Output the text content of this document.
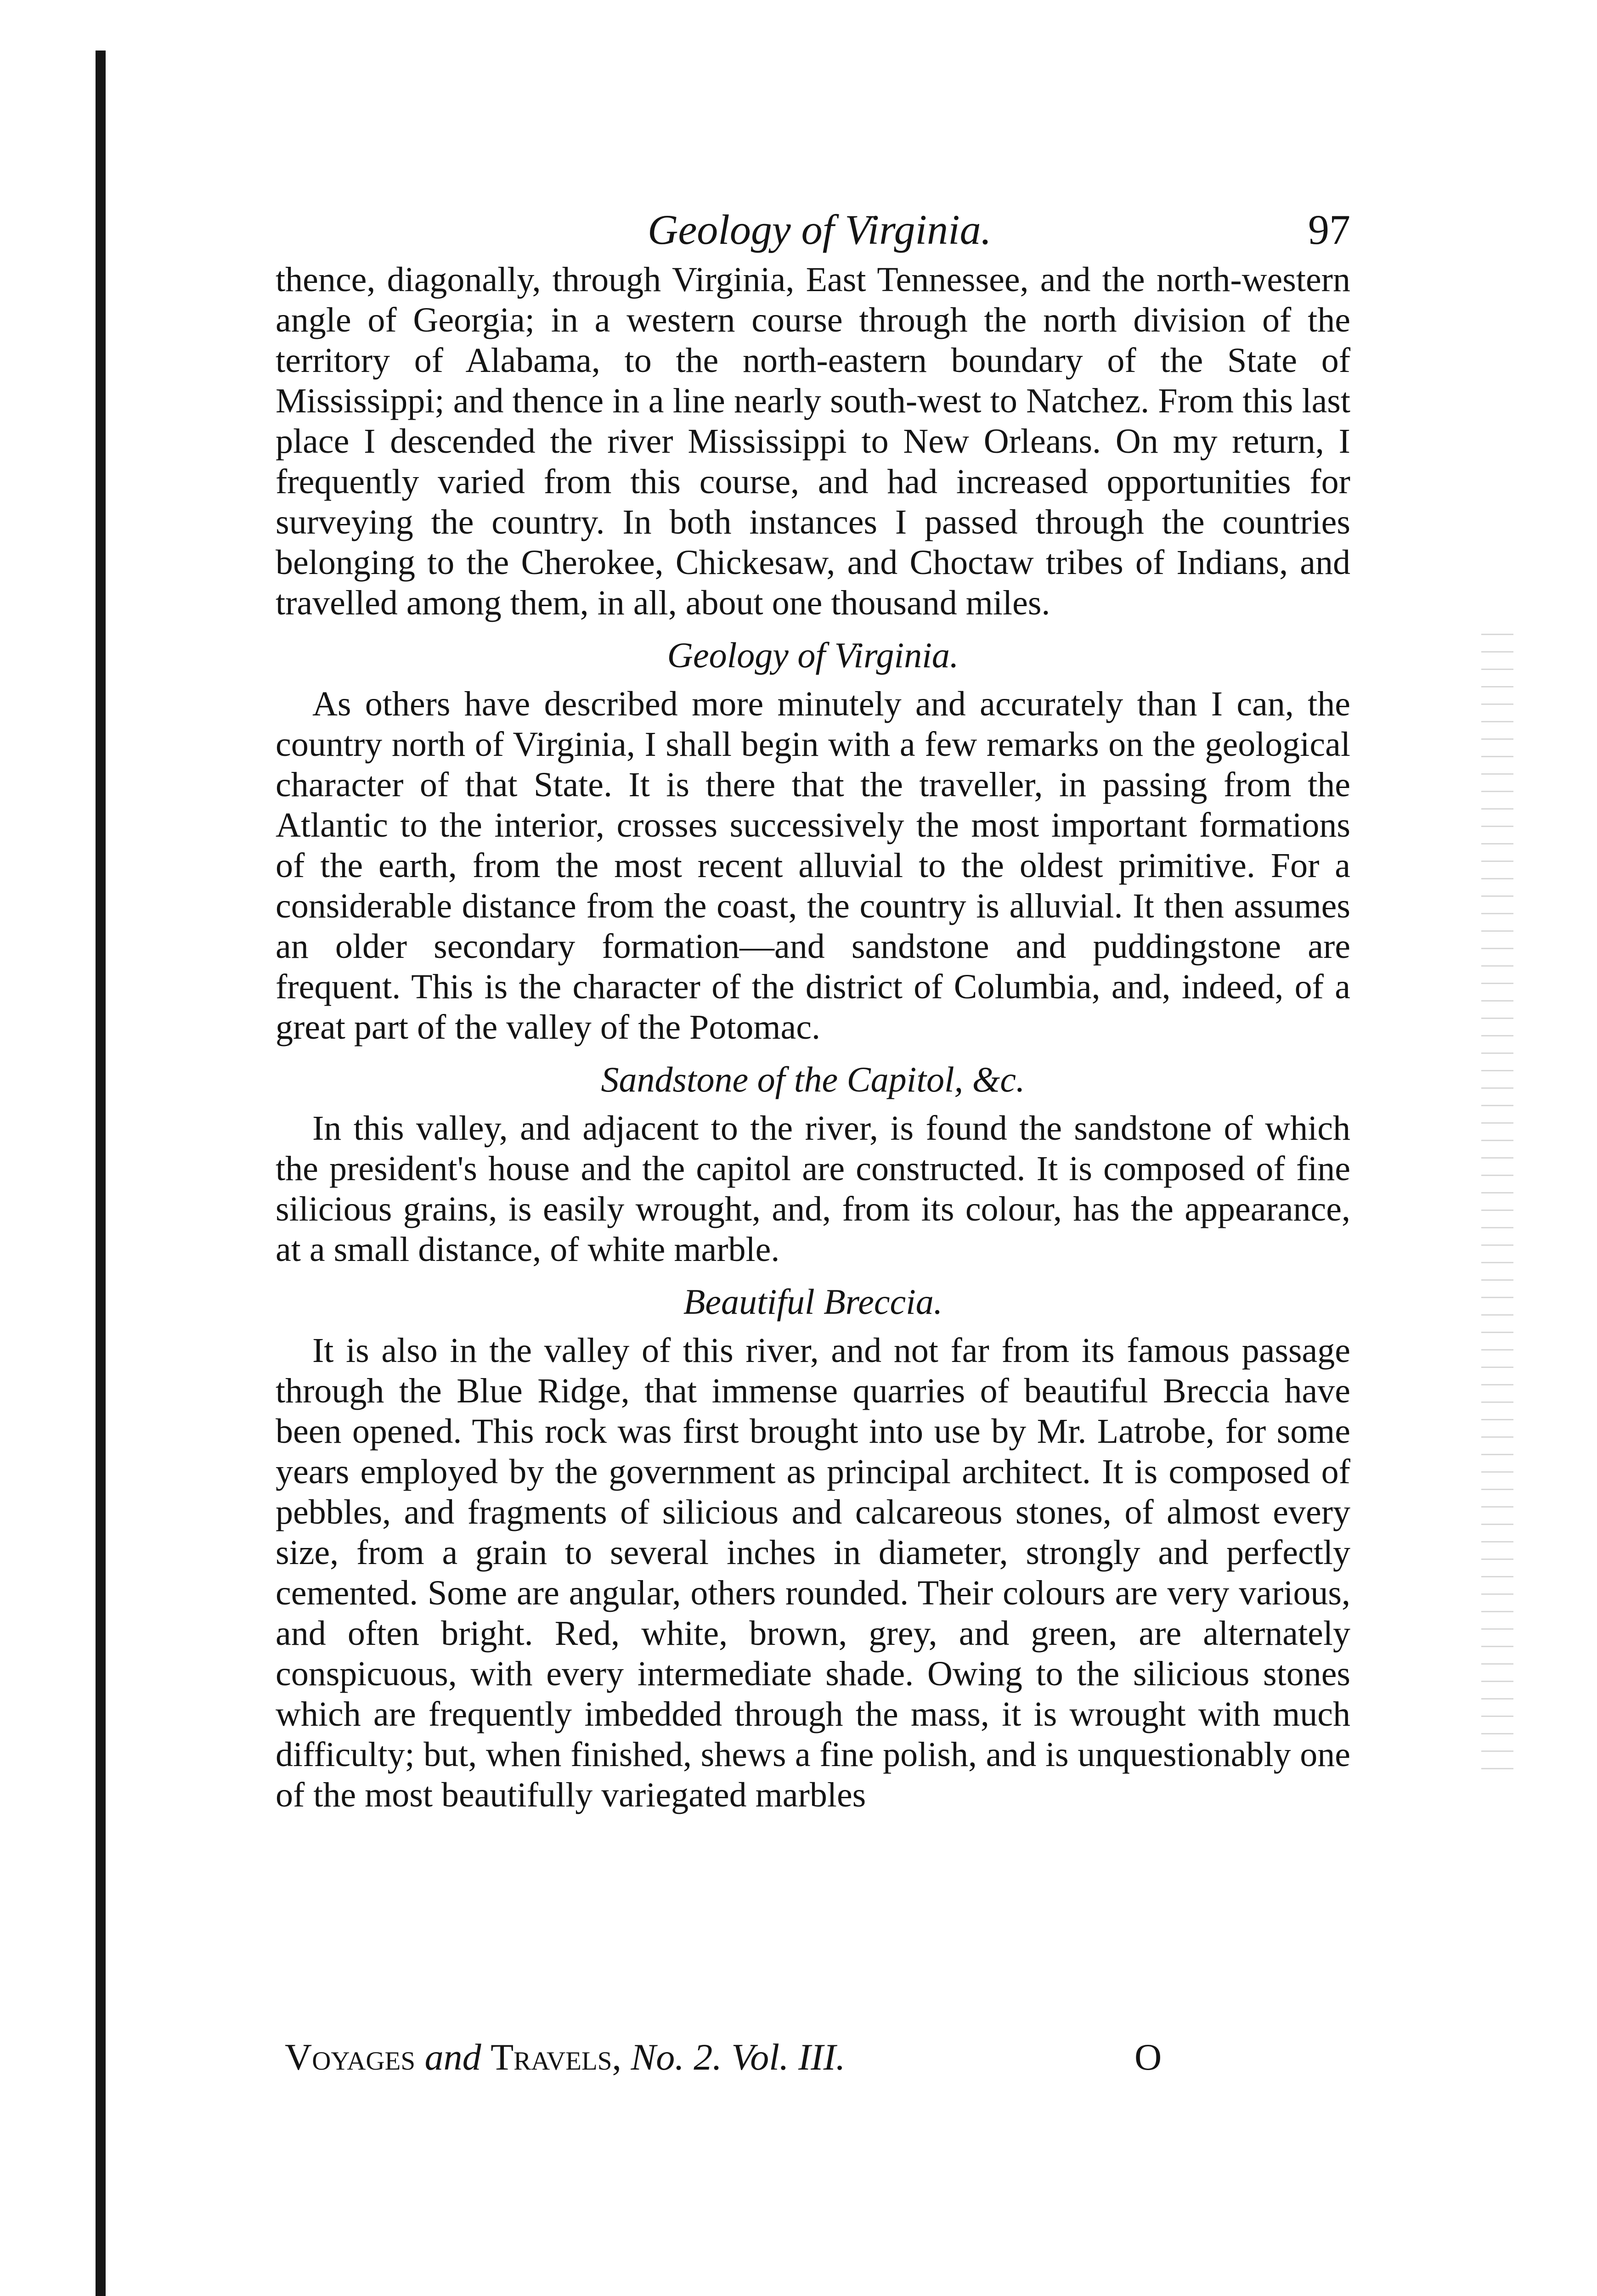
Geology of Virginia.	97

thence, diagonally, through Virginia, East Tennessee, and the north-western angle of Georgia; in a western course through the north division of the territory of Alabama, to the north-eastern boundary of the State of Mississippi; and thence in a line nearly south-west to Natchez. From this last place I descended the river Mississippi to New Orleans. On my return, I frequently varied from this course, and had increased opportunities for surveying the country. In both instances I passed through the countries belonging to the Cherokee, Chickesaw, and Choctaw tribes of Indians, and travelled among them, in all, about one thousand miles.

Geology of Virginia.

As others have described more minutely and accurately than I can, the country north of Virginia, I shall begin with a few remarks on the geological character of that State. It is there that the traveller, in passing from the Atlantic to the interior, crosses successively the most important formations of the earth, from the most recent alluvial to the oldest primitive. For a considerable distance from the coast, the country is alluvial. It then assumes an older secondary formation—and sandstone and puddingstone are frequent. This is the character of the district of Columbia, and, indeed, of a great part of the valley of the Potomac.

Sandstone of the Capitol, &c.

In this valley, and adjacent to the river, is found the sandstone of which the president's house and the capitol are constructed. It is composed of fine silicious grains, is easily wrought, and, from its colour, has the appearance, at a small distance, of white marble.

Beautiful Breccia.

It is also in the valley of this river, and not far from its famous passage through the Blue Ridge, that immense quarries of beautiful Breccia have been opened. This rock was first brought into use by Mr. Latrobe, for some years employed by the government as principal architect. It is composed of pebbles, and fragments of silicious and calcareous stones, of almost every size, from a grain to several inches in diameter, strongly and perfectly cemented. Some are angular, others rounded. Their colours are very various, and often bright. Red, white, brown, grey, and green, are alternately conspicuous, with every intermediate shade. Owing to the silicious stones which are frequently imbedded through the mass, it is wrought with much difficulty; but, when finished, shews a fine polish, and is unquestionably one of the most beautifully variegated marbles

Voyages and Travels, No. 2. Vol. III.	O
